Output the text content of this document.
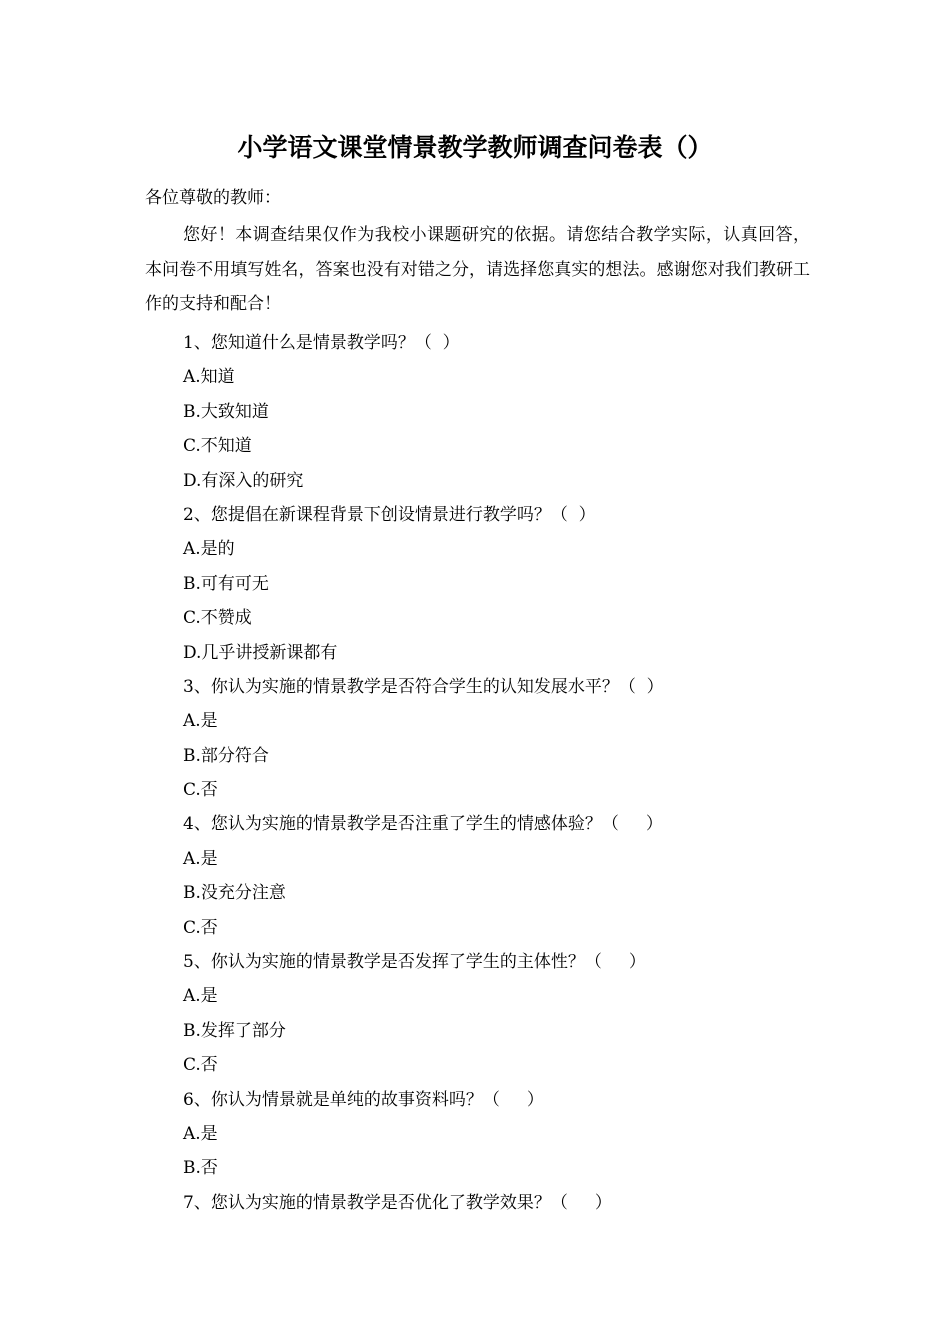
小学语文课堂情景教学教师调查问卷表（）
各位尊敬的教师：

您好！本调查结果仅作为我校小课题研究的依据。请您结合教学实际，认真回答，本问卷不用填写姓名，答案也没有对错之分，请选择您真实的想法。感谢您对我们教研工作的支持和配合！

1、您知道什么是情景教学吗？（  ）
A.知道
B.大致知道
C.不知道
D.有深入的研究
2、您提倡在新课程背景下创设情景进行教学吗？（  ）
A.是的
B.可有可无
C.不赞成
D.几乎讲授新课都有
3、你认为实施的情景教学是否符合学生的认知发展水平？（  ）
A.是
B.部分符合
C.否
4、您认为实施的情景教学是否注重了学生的情感体验？（     ）
A.是
B.没充分注意
C.否
5、你认为实施的情景教学是否发挥了学生的主体性？（     ）
A.是
B.发挥了部分
C.否
6、你认为情景就是单纯的故事资料吗？（     ）
A.是
B.否
7、您认为实施的情景教学是否优化了教学效果？（     ）
